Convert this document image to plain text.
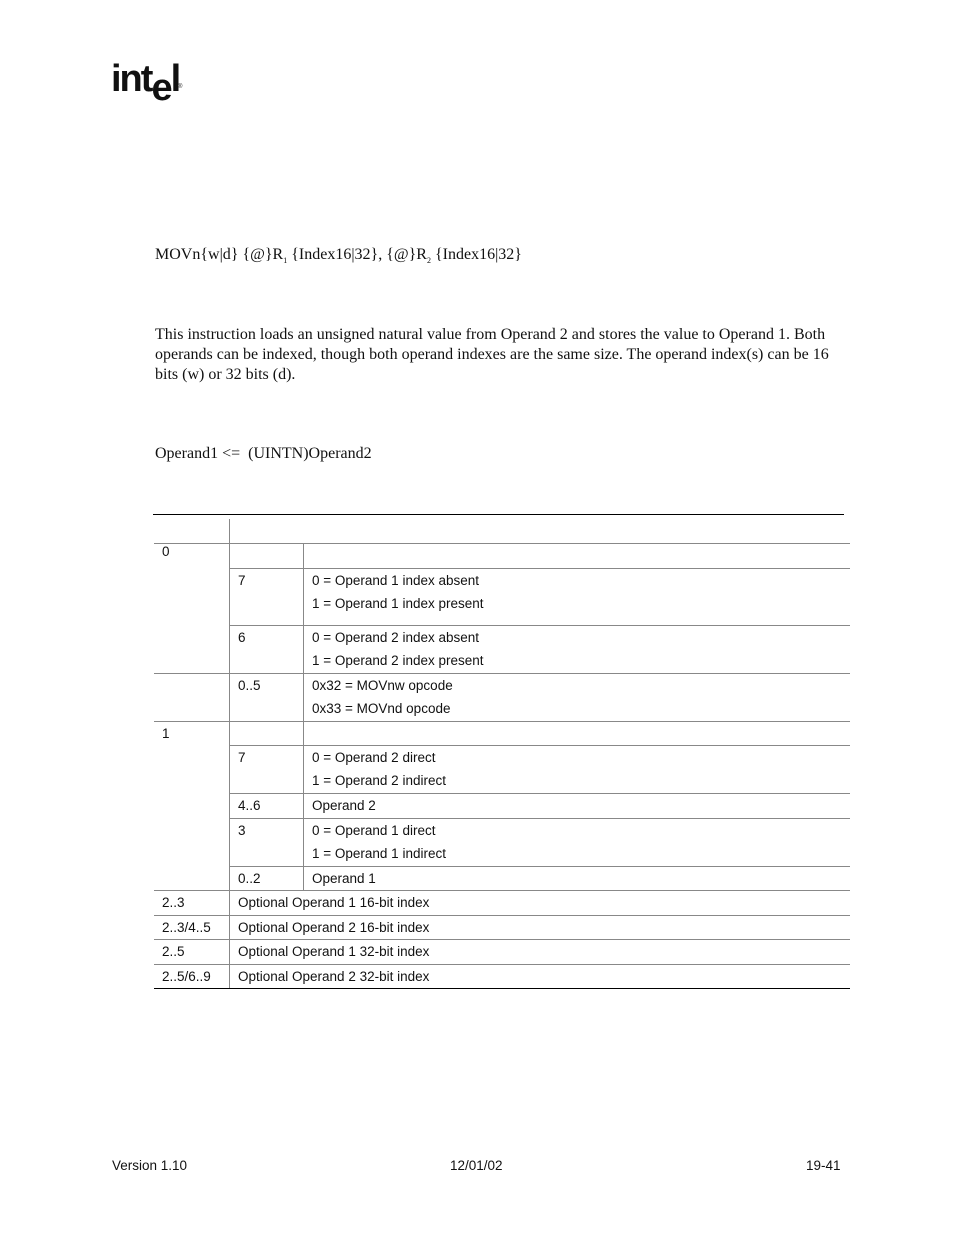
intel
®
MOVn{w|d} $\{@\}R_1$ {Index16|32}, $\{@\}R_2$ {Index16|32}
This instruction loads an unsigned natural value from Operand 2 and stores the value to Operand 1. Both operands can be indexed, though both operand indexes are the same size. The operand index(s) can be 16 bits (w) or 32 bits (d).
Operand1 <=  (UINTN)Operand2

0		

	7	0 = Operand 1 index absent
1 = Operand 1 index present

	6	0 = Operand 2 index absent
1 = Operand 2 index present

	0..5	0x32 = MOVnw opcode
0x33 = MOVnd opcode

1		

	7	0 = Operand 2 direct
1 = Operand 2 indirect

	4..6	Operand 2

	3	0 = Operand 1 direct
1 = Operand 1 indirect

	0..2	Operand 1

2..3	Optional Operand 1 16-bit index	

2..3/4..5	Optional Operand 2 16-bit index	

2..5	Optional Operand 1 32-bit index	

2..5/6..9	Optional Operand 2 32-bit index	
Version 1.10	12/01/02	19-41
